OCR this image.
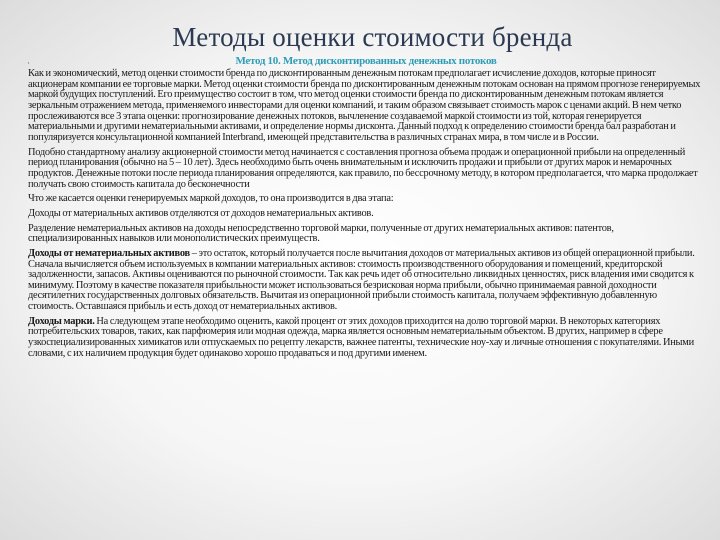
Методы оценки стоимости бренда
·	Метод 10. Метод дисконтированных денежных потоков

Как и экономический, метод оценки стоимости бренда по дисконтированным денежным потокам предполагает исчисление доходов, которые приносят акционерам компании ее торговые марки. Метод оценки стоимости бренда по дисконтированным денежным потокам основан на прямом прогнозе генерируемых маркой будущих поступлений. Его преимущество состоит в том, что метод оценки стоимости бренда по дисконтированным денежным потокам является зеркальным отражением метода, применяемого инвесторами для оценки компаний, и таким образом связывает стоимость марок с ценами акций. В нем четко прослеживаются все 3 этапа оценки: прогнозирование денежных потоков, вычленение создаваемой маркой стоимости из той, которая генерируется материальными и другими нематериальными активами, и определение нормы дисконта. Данный подход к определению стоимости бренда бал разработан и популяризуется консультационной компанией Interbrand, имеющей представительства в различных странах мира, в том числе и в России.

Подобно стандартному анализу акционерной стоимости метод начинается с составления прогноза объема продаж и операционной прибыли на определенный период планирования (обычно на 5 – 10 лет). Здесь необходимо быть очень внимательным и исключить продажи и прибыли от других марок и немарочных продуктов. Денежные потоки после периода планирования определяются, как правило, по бессрочному методу, в котором предполагается, что марка продолжает получать свою стоимость капитала до бесконечности

Что же касается оценки генерируемых маркой доходов, то она производится в два этапа:

Доходы от материальных активов отделяются от доходов нематериальных активов.

Разделение нематериальных активов на доходы непосредственно торговой марки, полученные от других нематериальных активов: патентов, специализированных навыков или монополистических преимуществ.

Доходы от нематериальных активов – это остаток, который получается после вычитания доходов от материальных активов из общей операционной прибыли. Сначала вычисляется объем используемых в компании материальных активов: стоимость производственного оборудования и помещений, кредиторской задолженности, запасов. Активы оцениваются по рыночной стоимости. Так как речь идет об относительно ликвидных ценностях, риск владения ими сводится к минимуму. Поэтому в качестве показателя прибыльности может использоваться безрисковая норма прибыли, обычно принимаемая равной доходности десятилетних государственных долговых обязательств. Вычитая из операционной прибыли стоимость капитала, получаем эффективную добавленную стоимость. Оставшаяся прибыль и есть доход от нематериальных активов.

Доходы марки. На следующем этапе необходимо оценить, какой процент от этих доходов приходится на долю торговой марки. В некоторых категориях потребительских товаров, таких, как парфюмерия или модная одежда, марка является основным нематериальным объектом. В других, например в сфере узкоспециализированных химикатов или отпускаемых по рецепту лекарств, важнее патенты, технические ноу-хау и личные отношения с покупателями. Иными словами, с их наличием продукция будет одинаково хорошо продаваться и под другими именем.
